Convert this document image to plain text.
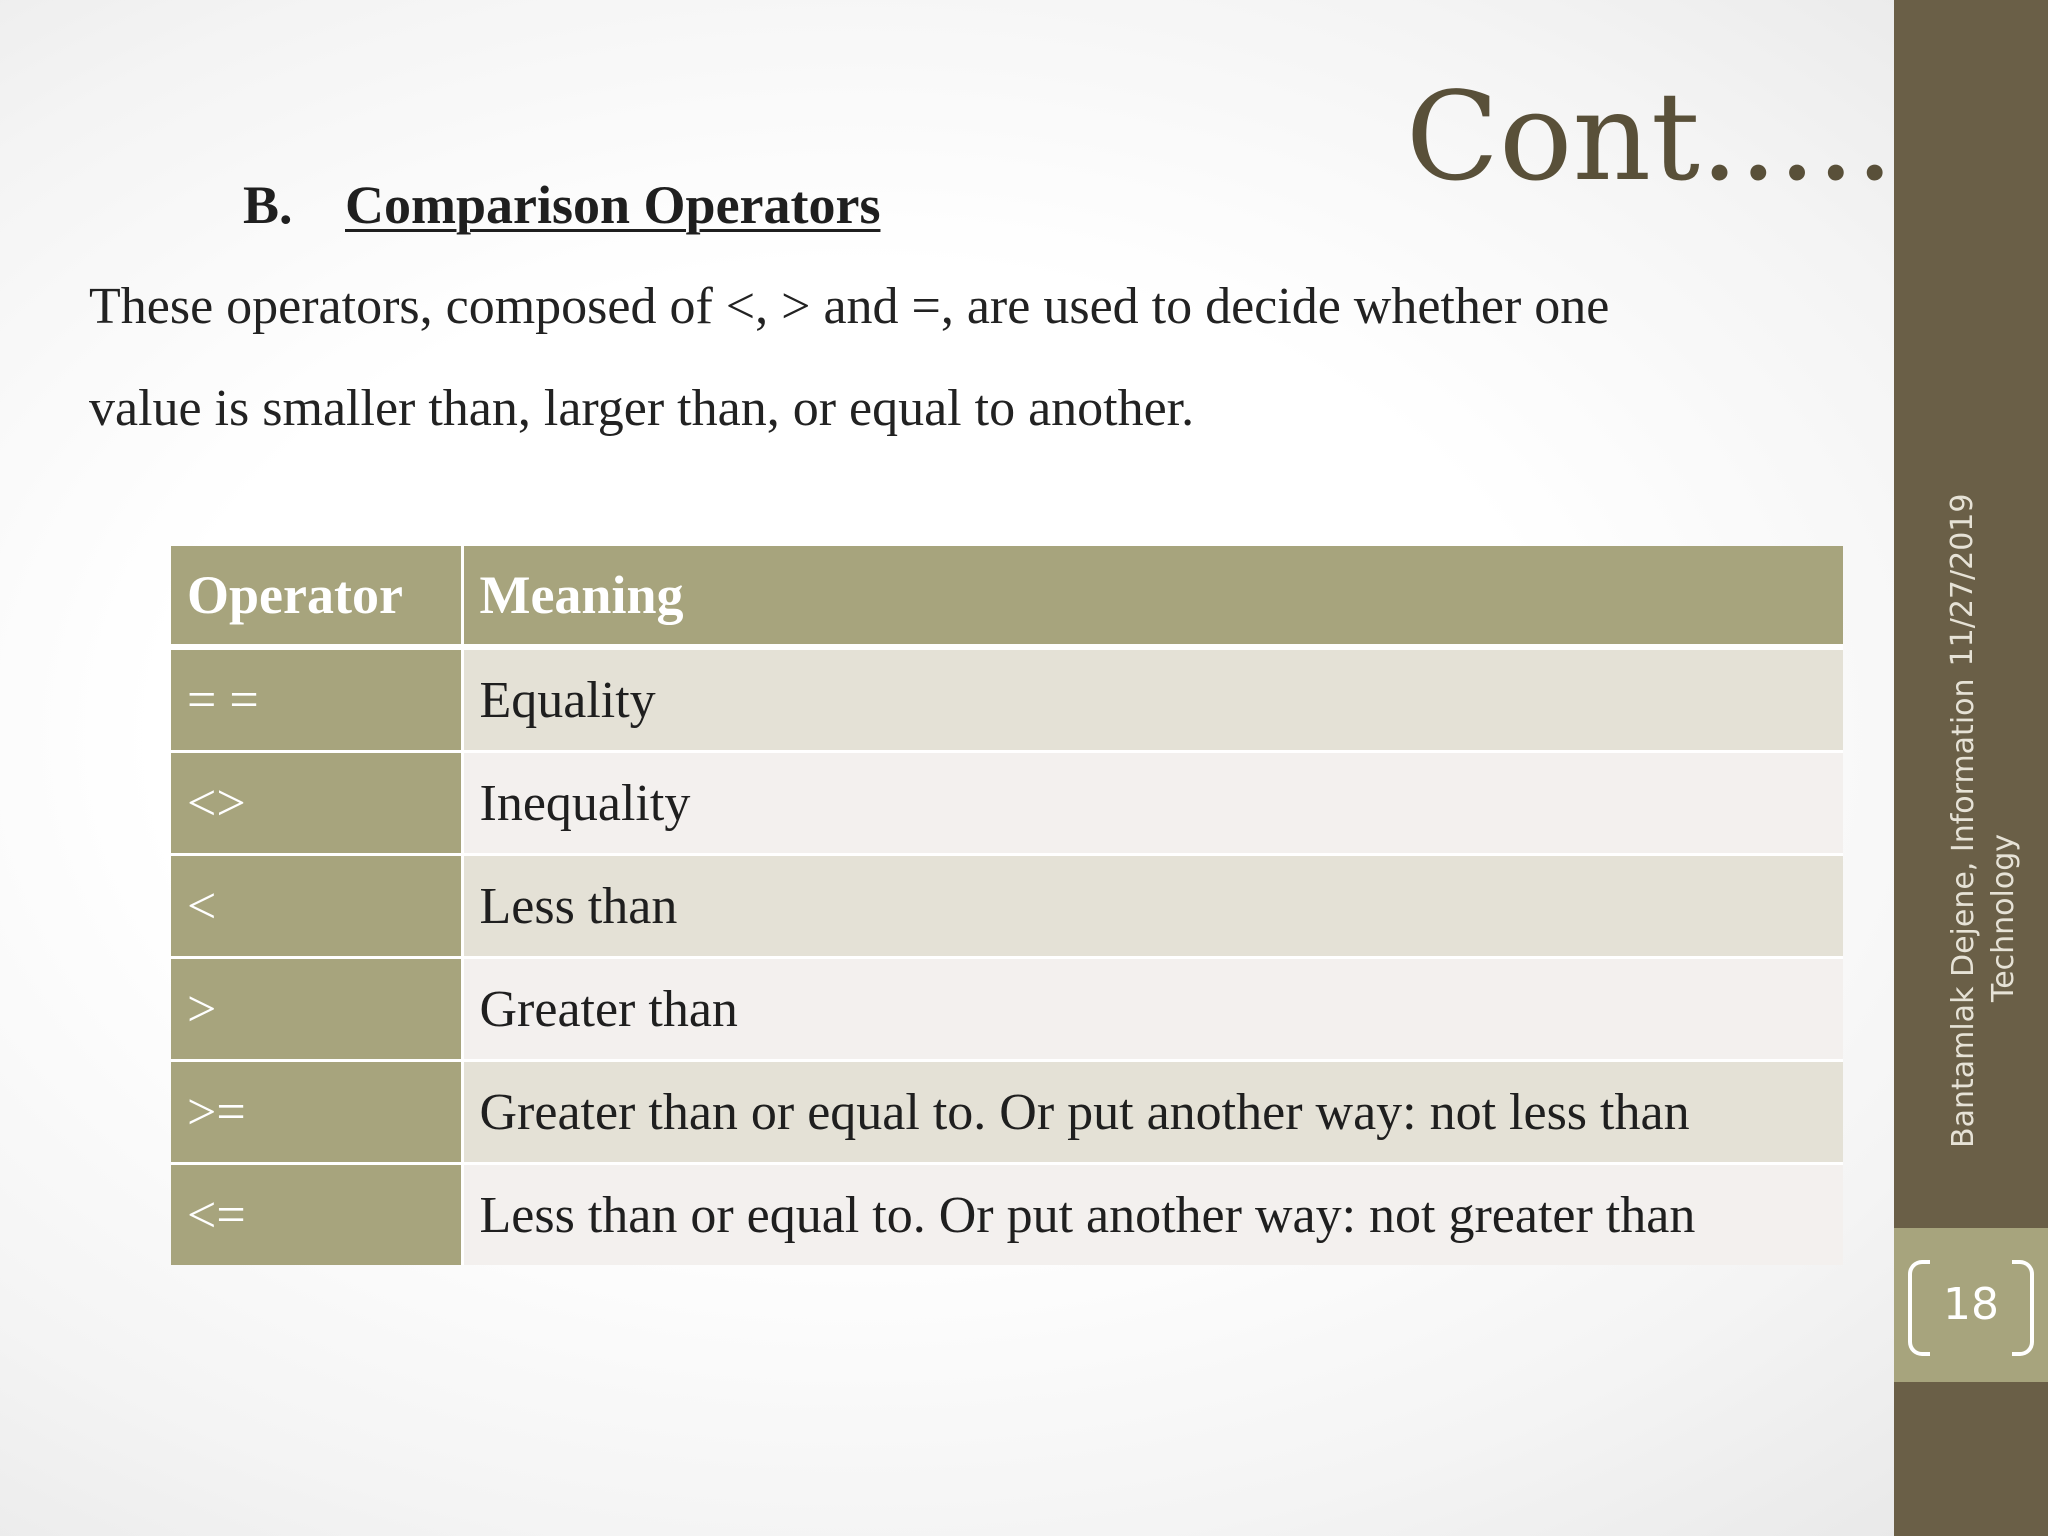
Cont.....
B. Comparison Operators
These operators, composed of <, > and =, are used to decide whether one
value is smaller than, larger than, or equal to another.
Operator	Meaning
= =	Equality
<>	Inequality
<	Less than
>	Greater than
>=	Greater than or equal to. Or put another way: not less than
<=	Less than or equal to. Or put another way: not greater than
18
11/27/2019
Bantamlak Dejene, Information Technology
